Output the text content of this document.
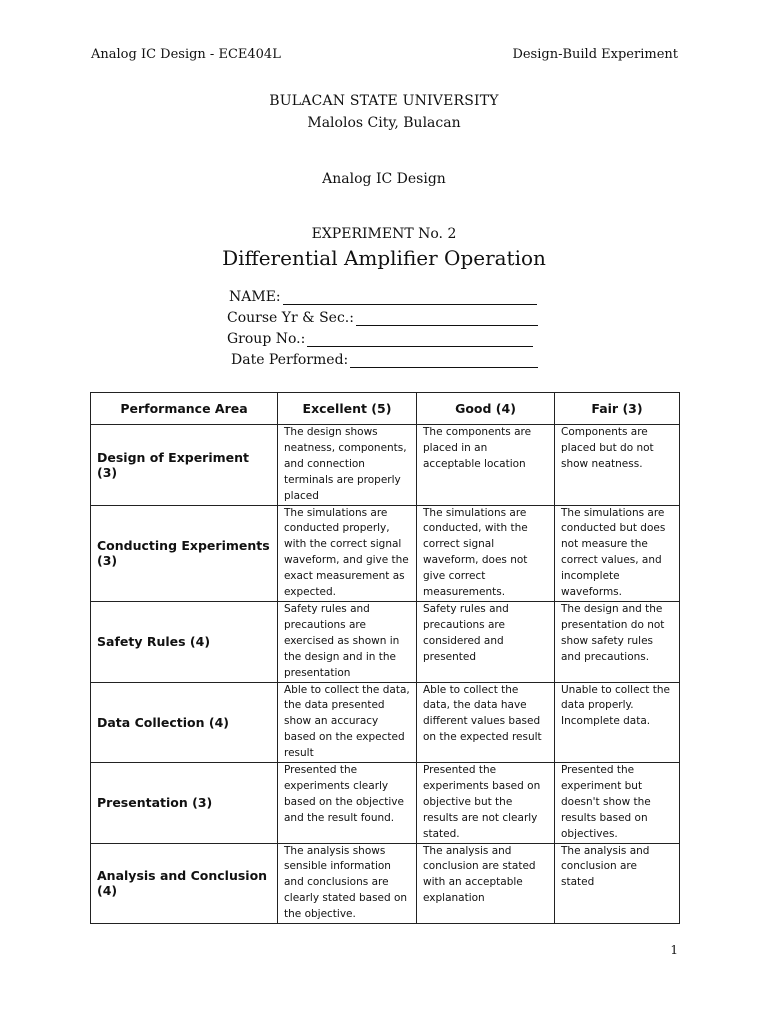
Analog IC Design - ECE404L	Design-Build Experiment
BULACAN STATE UNIVERSITY
Malolos City, Bulacan
Analog IC Design
EXPERIMENT No. 2
Differential Amplifier Operation
NAME:
Course Yr & Sec.:
Group No.:
Date Performed:
Performance Area	Excellent (5)	Good (4)	Fair (3)
Design of Experiment (3)	The design shows neatness, components, and connection terminals are properly placed	The components are placed in an acceptable location	Components are placed but do not show neatness.
Conducting Experiments (3)	The simulations are conducted properly, with the correct signal waveform, and give the exact measurement as expected.	The simulations are conducted, with the correct signal waveform, does not give correct measurements.	The simulations are conducted but does not measure the correct values, and incomplete waveforms.
Safety Rules (4)	Safety rules and precautions are exercised as shown in the design and in the presentation	Safety rules and precautions are considered and presented	The design and the presentation do not show safety rules and precautions.
Data Collection (4)	Able to collect the data, the data presented show an accuracy based on the expected result	Able to collect the data, the data have different values based on the expected result	Unable to collect the data properly. Incomplete data.
Presentation (3)	Presented the experiments clearly based on the objective and the result found.	Presented the experiments based on objective but the results are not clearly stated.	Presented the experiment but doesn't show the results based on objectives.
Analysis and Conclusion (4)	The analysis shows sensible information and conclusions are clearly stated based on the objective.	The analysis and conclusion are stated with an acceptable explanation	The analysis and conclusion are stated
1
